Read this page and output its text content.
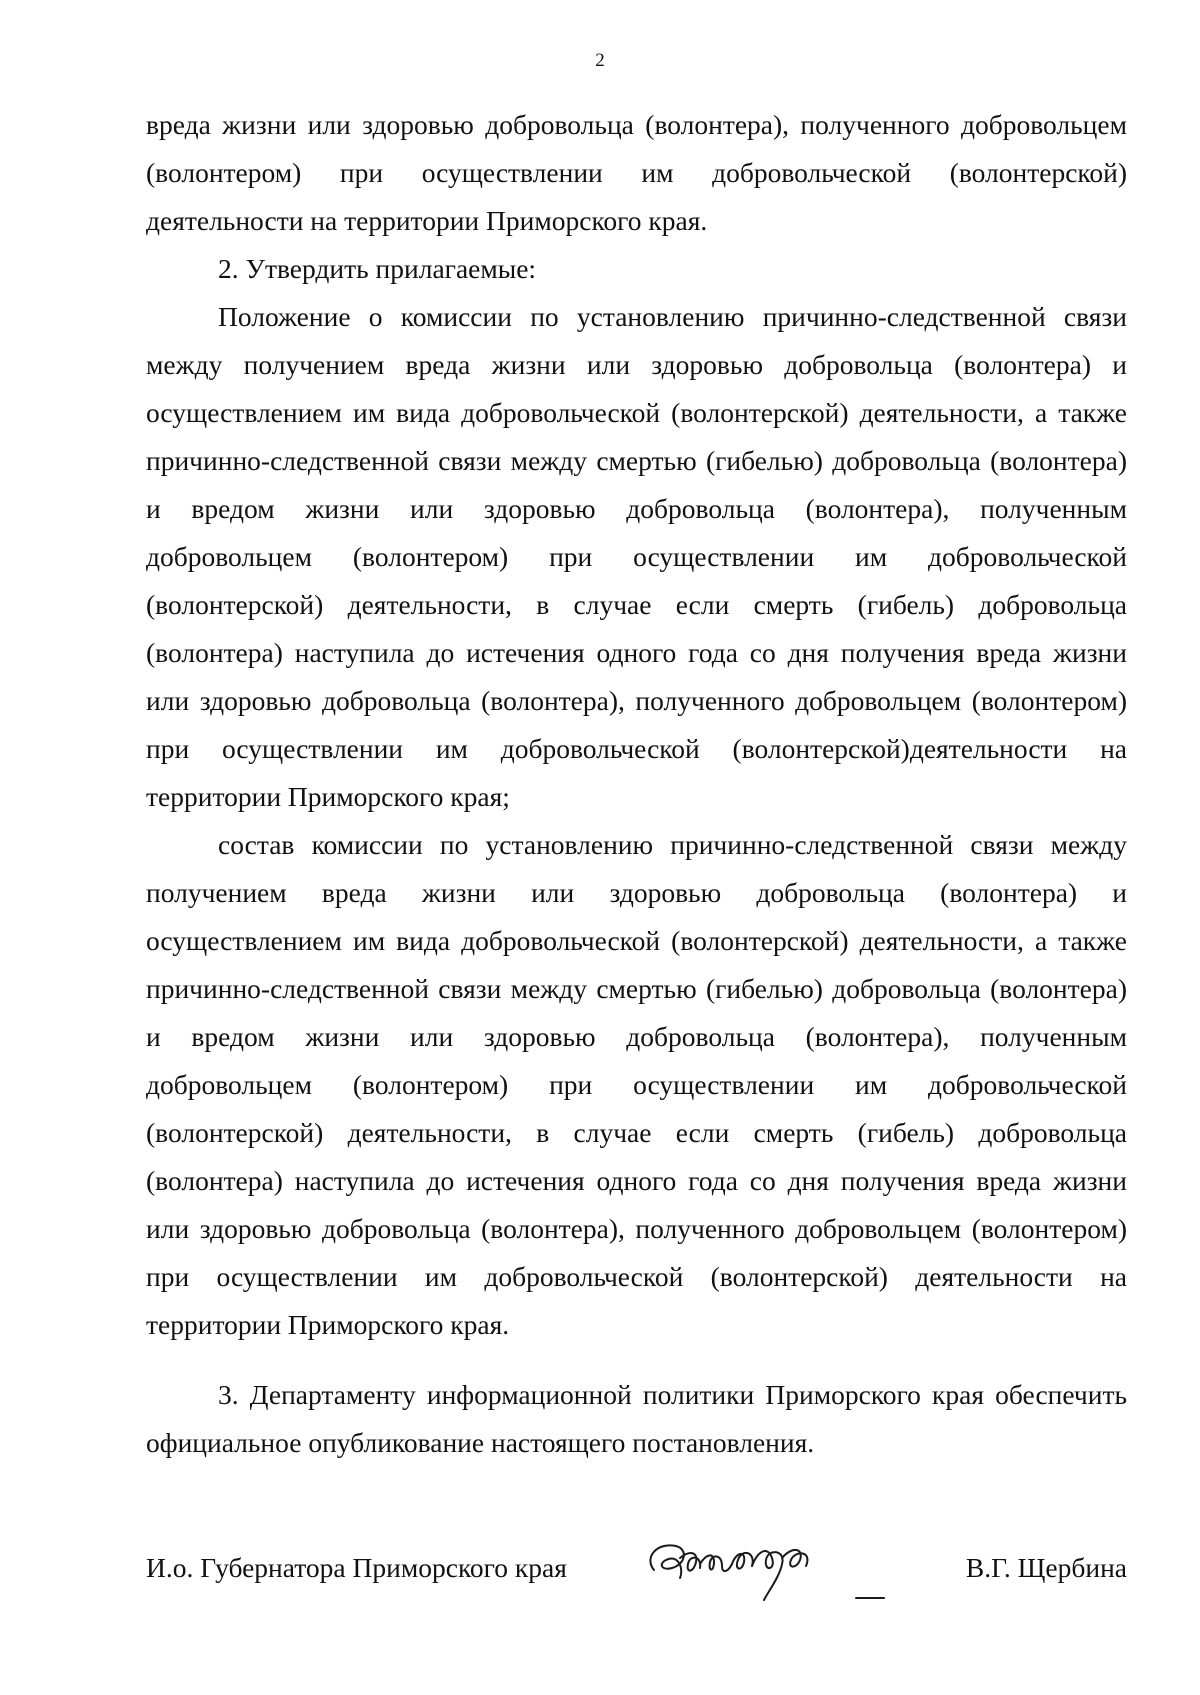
2

вреда жизни или здоровью добровольца (волонтера), полученного добровольцем (волонтером) при осуществлении им добровольческой (волонтерской) деятельности на территории Приморского края.

2. Утвердить прилагаемые:

Положение о комиссии по установлению причинно-следственной связи между получением вреда жизни или здоровью добровольца (волонтера) и осуществлением им вида добровольческой (волонтерской) деятельности, а также причинно-следственной связи между смертью (гибелью) добровольца (волонтера) и вредом жизни или здоровью добровольца (волонтера), полученным добровольцем (волонтером) при осуществлении им добровольческой (волонтерской) деятельности, в случае если смерть (гибель) добровольца (волонтера) наступила до истечения одного года со дня получения вреда жизни или здоровью добровольца (волонтера), полученного добровольцем (волонтером) при осуществлении им добровольческой (волонтерской)деятельности на территории Приморского края;

состав комиссии по установлению причинно-следственной связи между получением вреда жизни или здоровью добровольца (волонтера) и осуществлением им вида добровольческой (волонтерской) деятельности, а также причинно-следственной связи между смертью (гибелью) добровольца (волонтера) и вредом жизни или здоровью добровольца (волонтера), полученным добровольцем (волонтером) при осуществлении им добровольческой (волонтерской) деятельности, в случае если смерть (гибель) добровольца (волонтера) наступила до истечения одного года со дня получения вреда жизни или здоровью добровольца (волонтера), полученного добровольцем (волонтером) при осуществлении им добровольческой (волонтерской) деятельности на территории Приморского края.

3. Департаменту информационной политики Приморского края обеспечить официальное опубликование настоящего постановления.

И.о. Губернатора Приморского края	В.Г. Щербина
